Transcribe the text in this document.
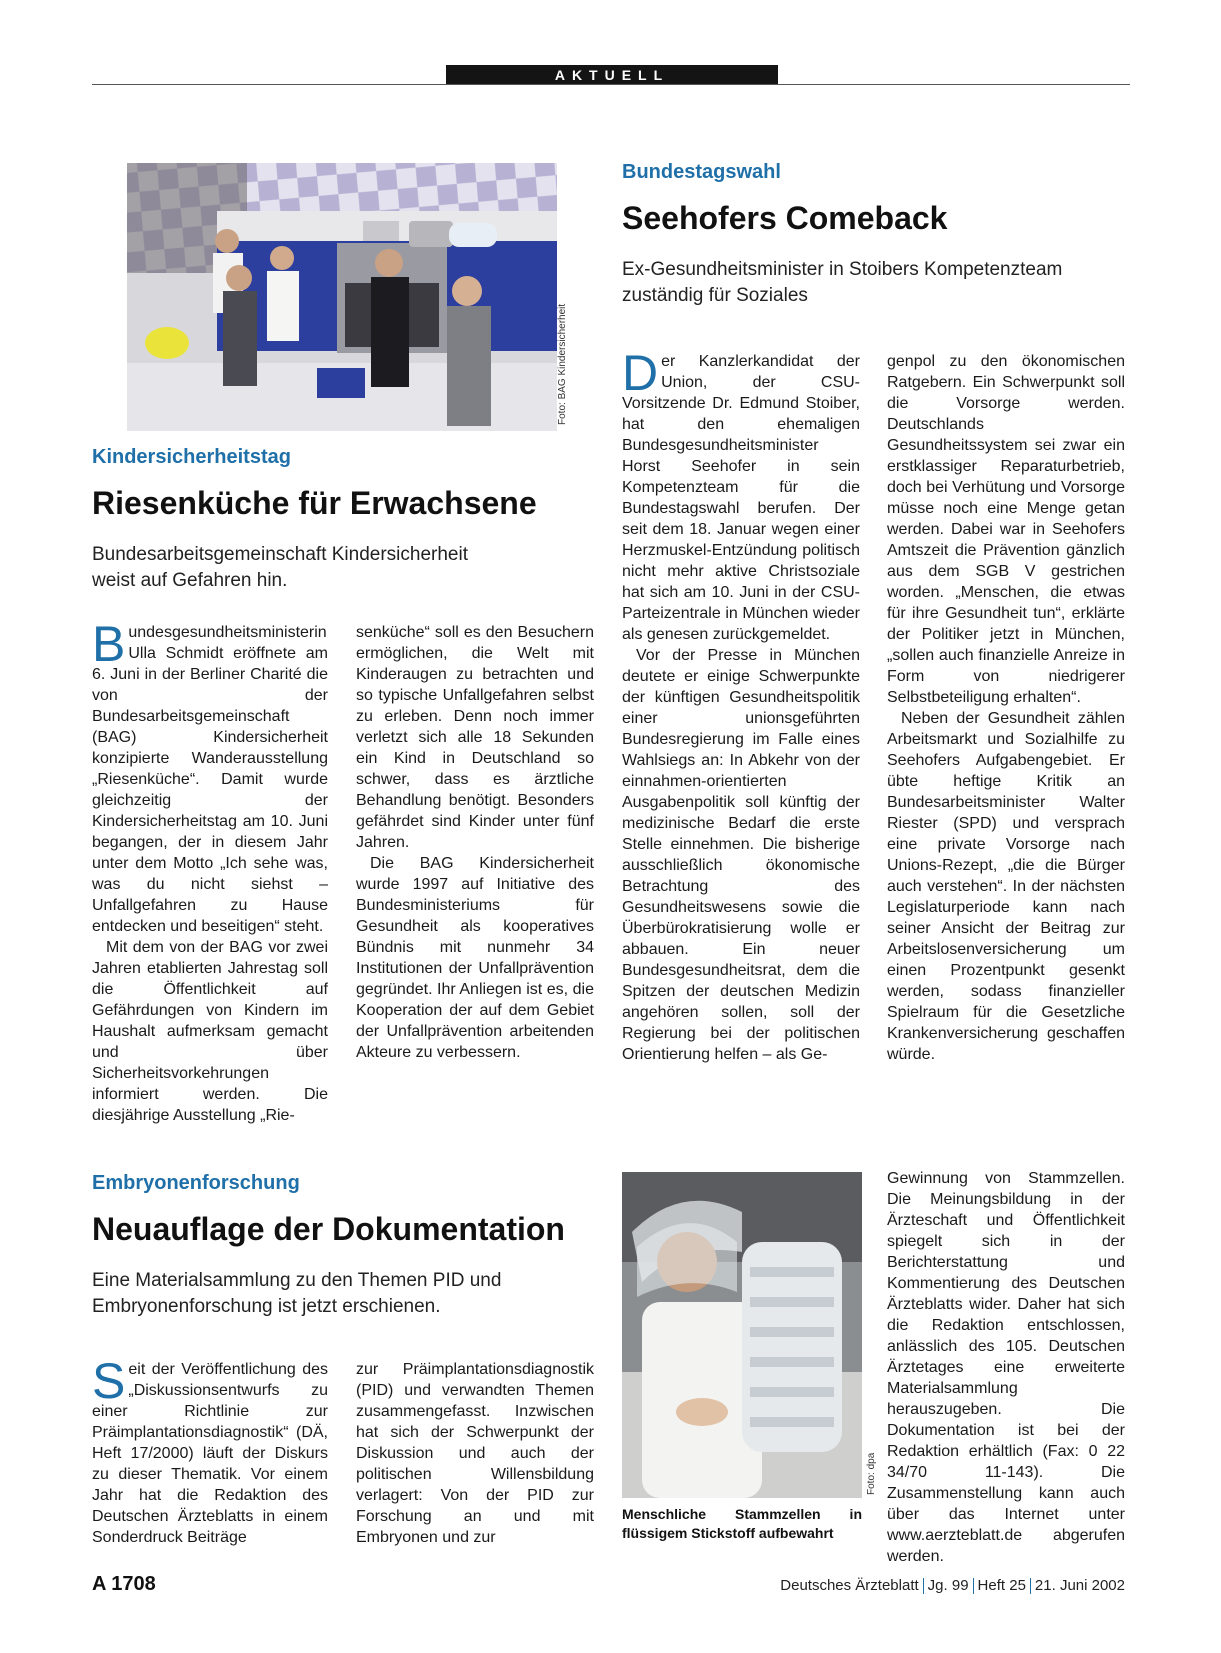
AKTUELL
Foto: BAG Kindersicherheit
Kindersicherheitstag
Riesenküche für Erwachsene
Bundesarbeitsgemeinschaft Kindersicherheit weist auf Gefahren hin.

Bundesgesundheitsministerin Ulla Schmidt eröffnete am 6. Juni in der Berliner Charité die von der Bundesarbeitsgemeinschaft (BAG) Kindersicherheit konzipierte Wanderausstellung „Riesenküche“. Damit wurde gleichzeitig der Kindersicherheitstag am 10. Juni begangen, der in diesem Jahr unter dem Motto „Ich sehe was, was du nicht siehst – Unfallgefahren zu Hause entdecken und beseitigen“ steht.

Mit dem von der BAG vor zwei Jahren etablierten Jahrestag soll die Öffentlichkeit auf Gefährdungen von Kindern im Haushalt aufmerksam gemacht und über Sicherheitsvorkehrungen informiert werden. Die diesjährige Ausstellung „Rie-

senküche“ soll es den Besuchern ermöglichen, die Welt mit Kinderaugen zu betrachten und so typische Unfallgefahren selbst zu erleben. Denn noch immer verletzt sich alle 18 Sekunden ein Kind in Deutschland so schwer, dass es ärztliche Behandlung benötigt. Besonders gefährdet sind Kinder unter fünf Jahren.

Die BAG Kindersicherheit wurde 1997 auf Initiative des Bundesministeriums für Gesundheit als kooperatives Bündnis mit nunmehr 34 Institutionen der Unfallprävention gegründet. Ihr Anliegen ist es, die Kooperation der auf dem Gebiet der Unfallprävention arbeitenden Akteure zu verbessern.

Bundestagswahl
Seehofers Comeback
Ex-Gesundheitsminister in Stoibers Kompetenzteam zuständig für Soziales

Der Kanzlerkandidat der Union, der CSU-Vorsitzende Dr. Edmund Stoiber, hat den ehemaligen Bundesgesundheitsminister Horst Seehofer in sein Kompetenzteam für die Bundestagswahl berufen. Der seit dem 18. Januar wegen einer Herzmuskel-Entzündung politisch nicht mehr aktive Christsoziale hat sich am 10. Juni in der CSU-Parteizentrale in München wieder als genesen zurückgemeldet.

Vor der Presse in München deutete er einige Schwerpunkte der künftigen Gesundheitspolitik einer unionsgeführten Bundesregierung im Falle eines Wahlsiegs an: In Abkehr von der einnahmen-orientierten Ausgabenpolitik soll künftig der medizinische Bedarf die erste Stelle einnehmen. Die bisherige ausschließlich ökonomische Betrachtung des Gesundheitswesens sowie die Überbürokratisierung wolle er abbauen. Ein neuer Bundesgesundheitsrat, dem die Spitzen der deutschen Medizin angehören sollen, soll der Regierung bei der politischen Orientierung helfen – als Ge-

genpol zu den ökonomischen Ratgebern. Ein Schwerpunkt soll die Vorsorge werden. Deutschlands Gesundheitssystem sei zwar ein erstklassiger Reparaturbetrieb, doch bei Verhütung und Vorsorge müsse noch eine Menge getan werden. Dabei war in Seehofers Amtszeit die Prävention gänzlich aus dem SGB V gestrichen worden. „Menschen, die etwas für ihre Gesundheit tun“, erklärte der Politiker jetzt in München, „sollen auch finanzielle Anreize in Form von niedrigerer Selbstbeteiligung erhalten“.

Neben der Gesundheit zählen Arbeitsmarkt und Sozialhilfe zu Seehofers Aufgabengebiet. Er übte heftige Kritik an Bundesarbeitsminister Walter Riester (SPD) und versprach eine private Vorsorge nach Unions-Rezept, „die die Bürger auch verstehen“. In der nächsten Legislaturperiode kann nach seiner Ansicht der Beitrag zur Arbeitslosenversicherung um einen Prozentpunkt gesenkt werden, sodass finanzieller Spielraum für die Gesetzliche Krankenversicherung geschaffen würde.

Embryonenforschung
Neuauflage der Dokumentation
Eine Materialsammlung zu den Themen PID und Embryonenforschung ist jetzt erschienen.

Seit der Veröffentlichung des „Diskussionsentwurfs zu einer Richtlinie zur Präimplantationsdiagnostik“ (DÄ, Heft 17/2000) läuft der Diskurs zu dieser Thematik. Vor einem Jahr hat die Redaktion des Deutschen Ärzteblatts in einem Sonderdruck Beiträge

zur Präimplantationsdiagnostik (PID) und verwandten Themen zusammengefasst. Inzwischen hat sich der Schwerpunkt der Diskussion und auch der politischen Willensbildung verlagert: Von der PID zur Forschung an und mit Embryonen und zur

Foto: dpa
Menschliche Stammzellen in flüssigem Stickstoff aufbewahrt

Gewinnung von Stammzellen. Die Meinungsbildung in der Ärzteschaft und Öffentlichkeit spiegelt sich in der Berichterstattung und Kommentierung des Deutschen Ärzteblatts wider. Daher hat sich die Redaktion entschlossen, anlässlich des 105. Deutschen Ärztetages eine erweiterte Materialsammlung herauszugeben. Die Dokumentation ist bei der Redaktion erhältlich (Fax: 0 22 34/70 11-143). Die Zusammenstellung kann auch über das Internet unter www.aerzteblatt.de abgerufen werden.

A 1708	Deutsches Ärzteblatt Jg. 99 Heft 25 21. Juni 2002
